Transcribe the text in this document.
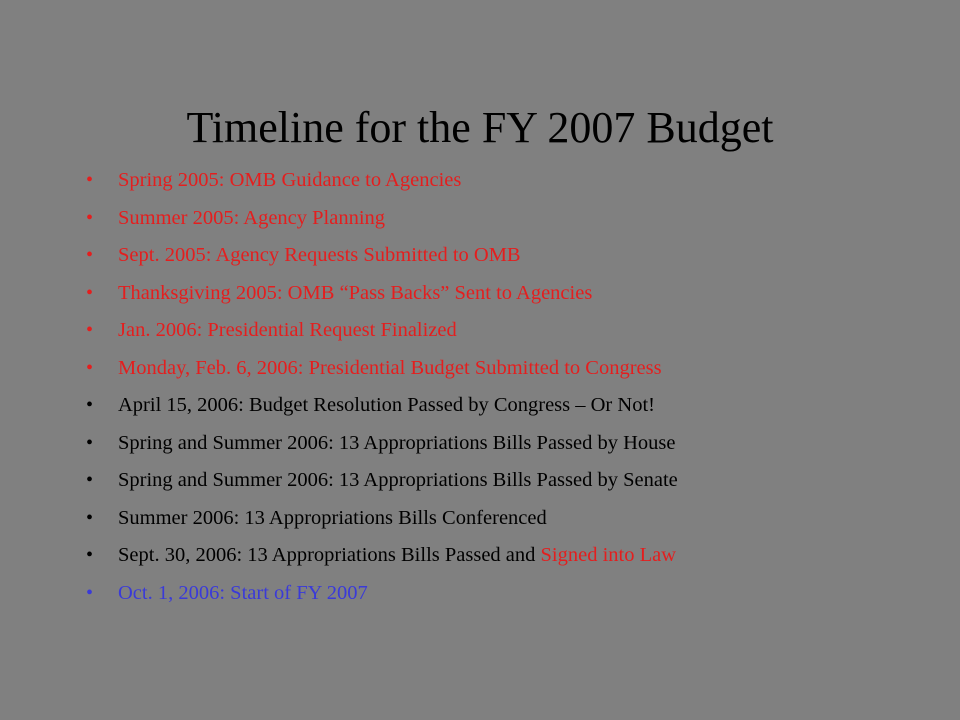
Timeline for the FY 2007 Budget
•	Spring 2005: OMB Guidance to Agencies
•	Summer 2005: Agency Planning
•	Sept. 2005: Agency Requests Submitted to OMB
•	Thanksgiving 2005: OMB “Pass Backs” Sent to Agencies
•	Jan. 2006: Presidential Request Finalized
•	Monday, Feb. 6, 2006: Presidential Budget Submitted to Congress
•	April 15, 2006: Budget Resolution Passed by Congress – Or Not!
•	Spring and Summer 2006: 13 Appropriations Bills Passed by House
•	Spring and Summer 2006: 13 Appropriations Bills Passed by Senate
•	Summer 2006: 13 Appropriations Bills Conferenced
•	Sept. 30, 2006: 13 Appropriations Bills Passed and Signed into Law
•	Oct. 1, 2006: Start of FY 2007
